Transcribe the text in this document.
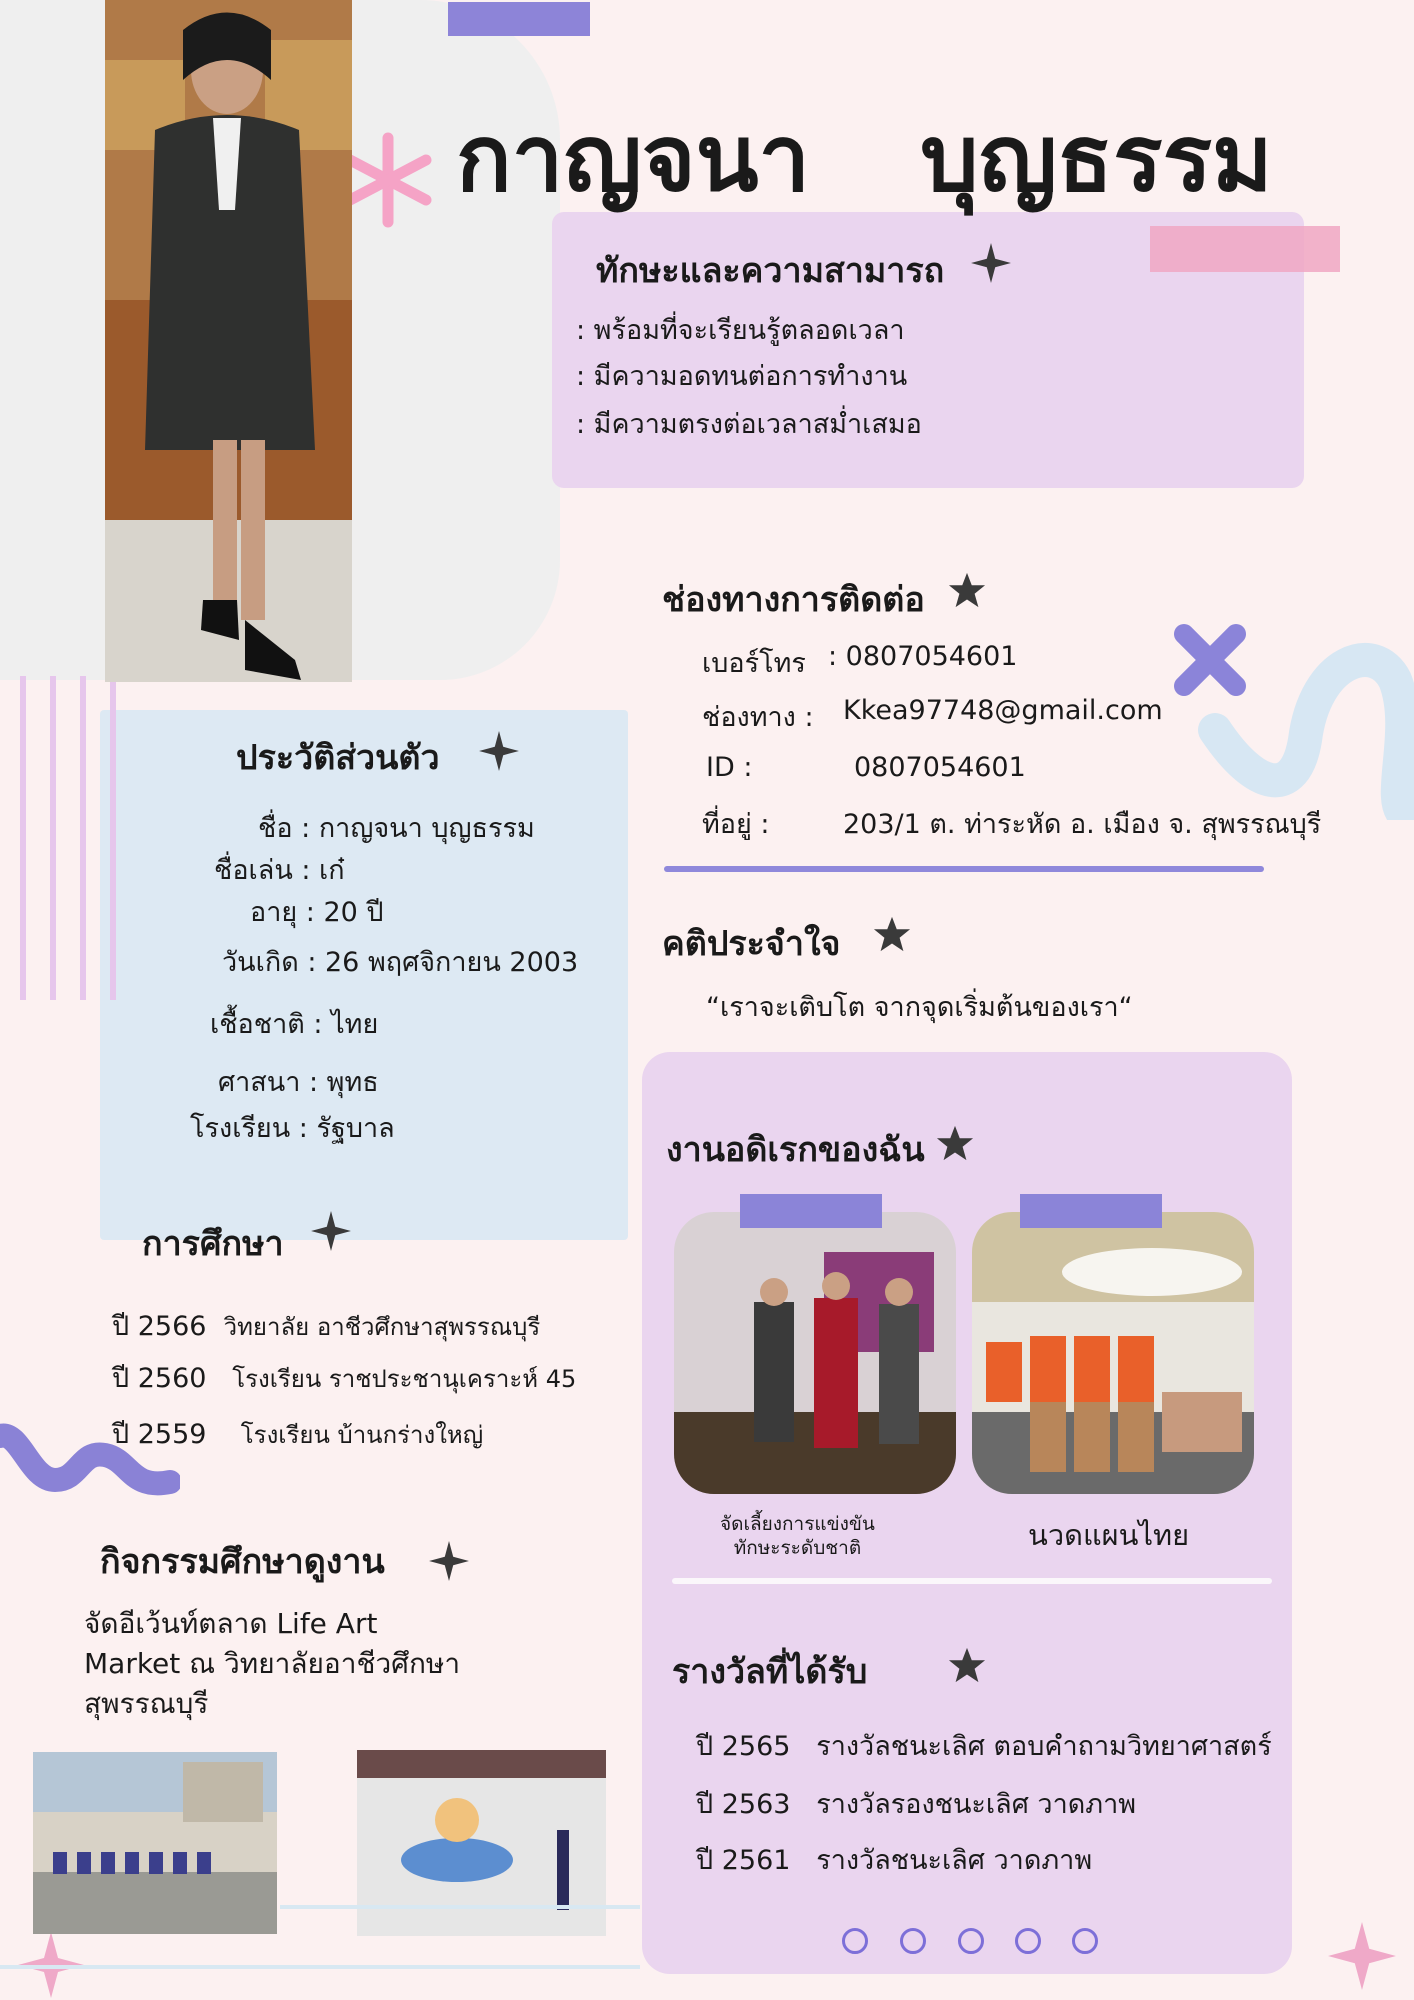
กาญจนา บุญธรรม
ทักษะและความสามารถ
: พร้อมที่จะเรียนรู้ตลอดเวลา
: มีความอดทนต่อการทำงาน
: มีความตรงต่อเวลาสม่ำเสมอ
ช่องทางการติดต่อ
เบอร์โทร : 0807054601
ช่องทาง : Kkea97748@gmail.com
ID :	0807054601
ที่อยู่ :	203/1 ต. ท่าระหัด อ. เมือง จ. สุพรรณบุรี
คติประจำใจ
“เราจะเติบโต จากจุดเริ่มต้นของเรา“
ประวัติส่วนตัว
ชื่อ : กาญจนา บุญธรรม
ชื่อเล่น : เก๋
อายุ : 20 ปี
วันเกิด : 26 พฤศจิกายน 2003
เชื้อชาติ : ไทย
ศาสนา : พุทธ
โรงเรียน : รัฐบาล
การศึกษา
ปี 2566 วิทยาลัย อาชีวศึกษาสุพรรณบุรี
ปี 2560 โรงเรียน ราชประชานุเคราะห์ 45
ปี 2559 โรงเรียน บ้านกร่างใหญ่
กิจกรรมศึกษาดูงาน
จัดอีเว้นท์ตลาด Life Art
Market ณ วิทยาลัยอาชีวศึกษา
สุพรรณบุรี
งานอดิเรกของฉัน
จัดเลี้ยงการแข่งขัน
ทักษะระดับชาติ	นวดแผนไทย
รางวัลที่ได้รับ
ปี 2565 รางวัลชนะเลิศ ตอบคำถามวิทยาศาสตร์
ปี 2563 รางวัลรองชนะเลิศ วาดภาพ
ปี 2561 รางวัลชนะเลิศ วาดภาพ
